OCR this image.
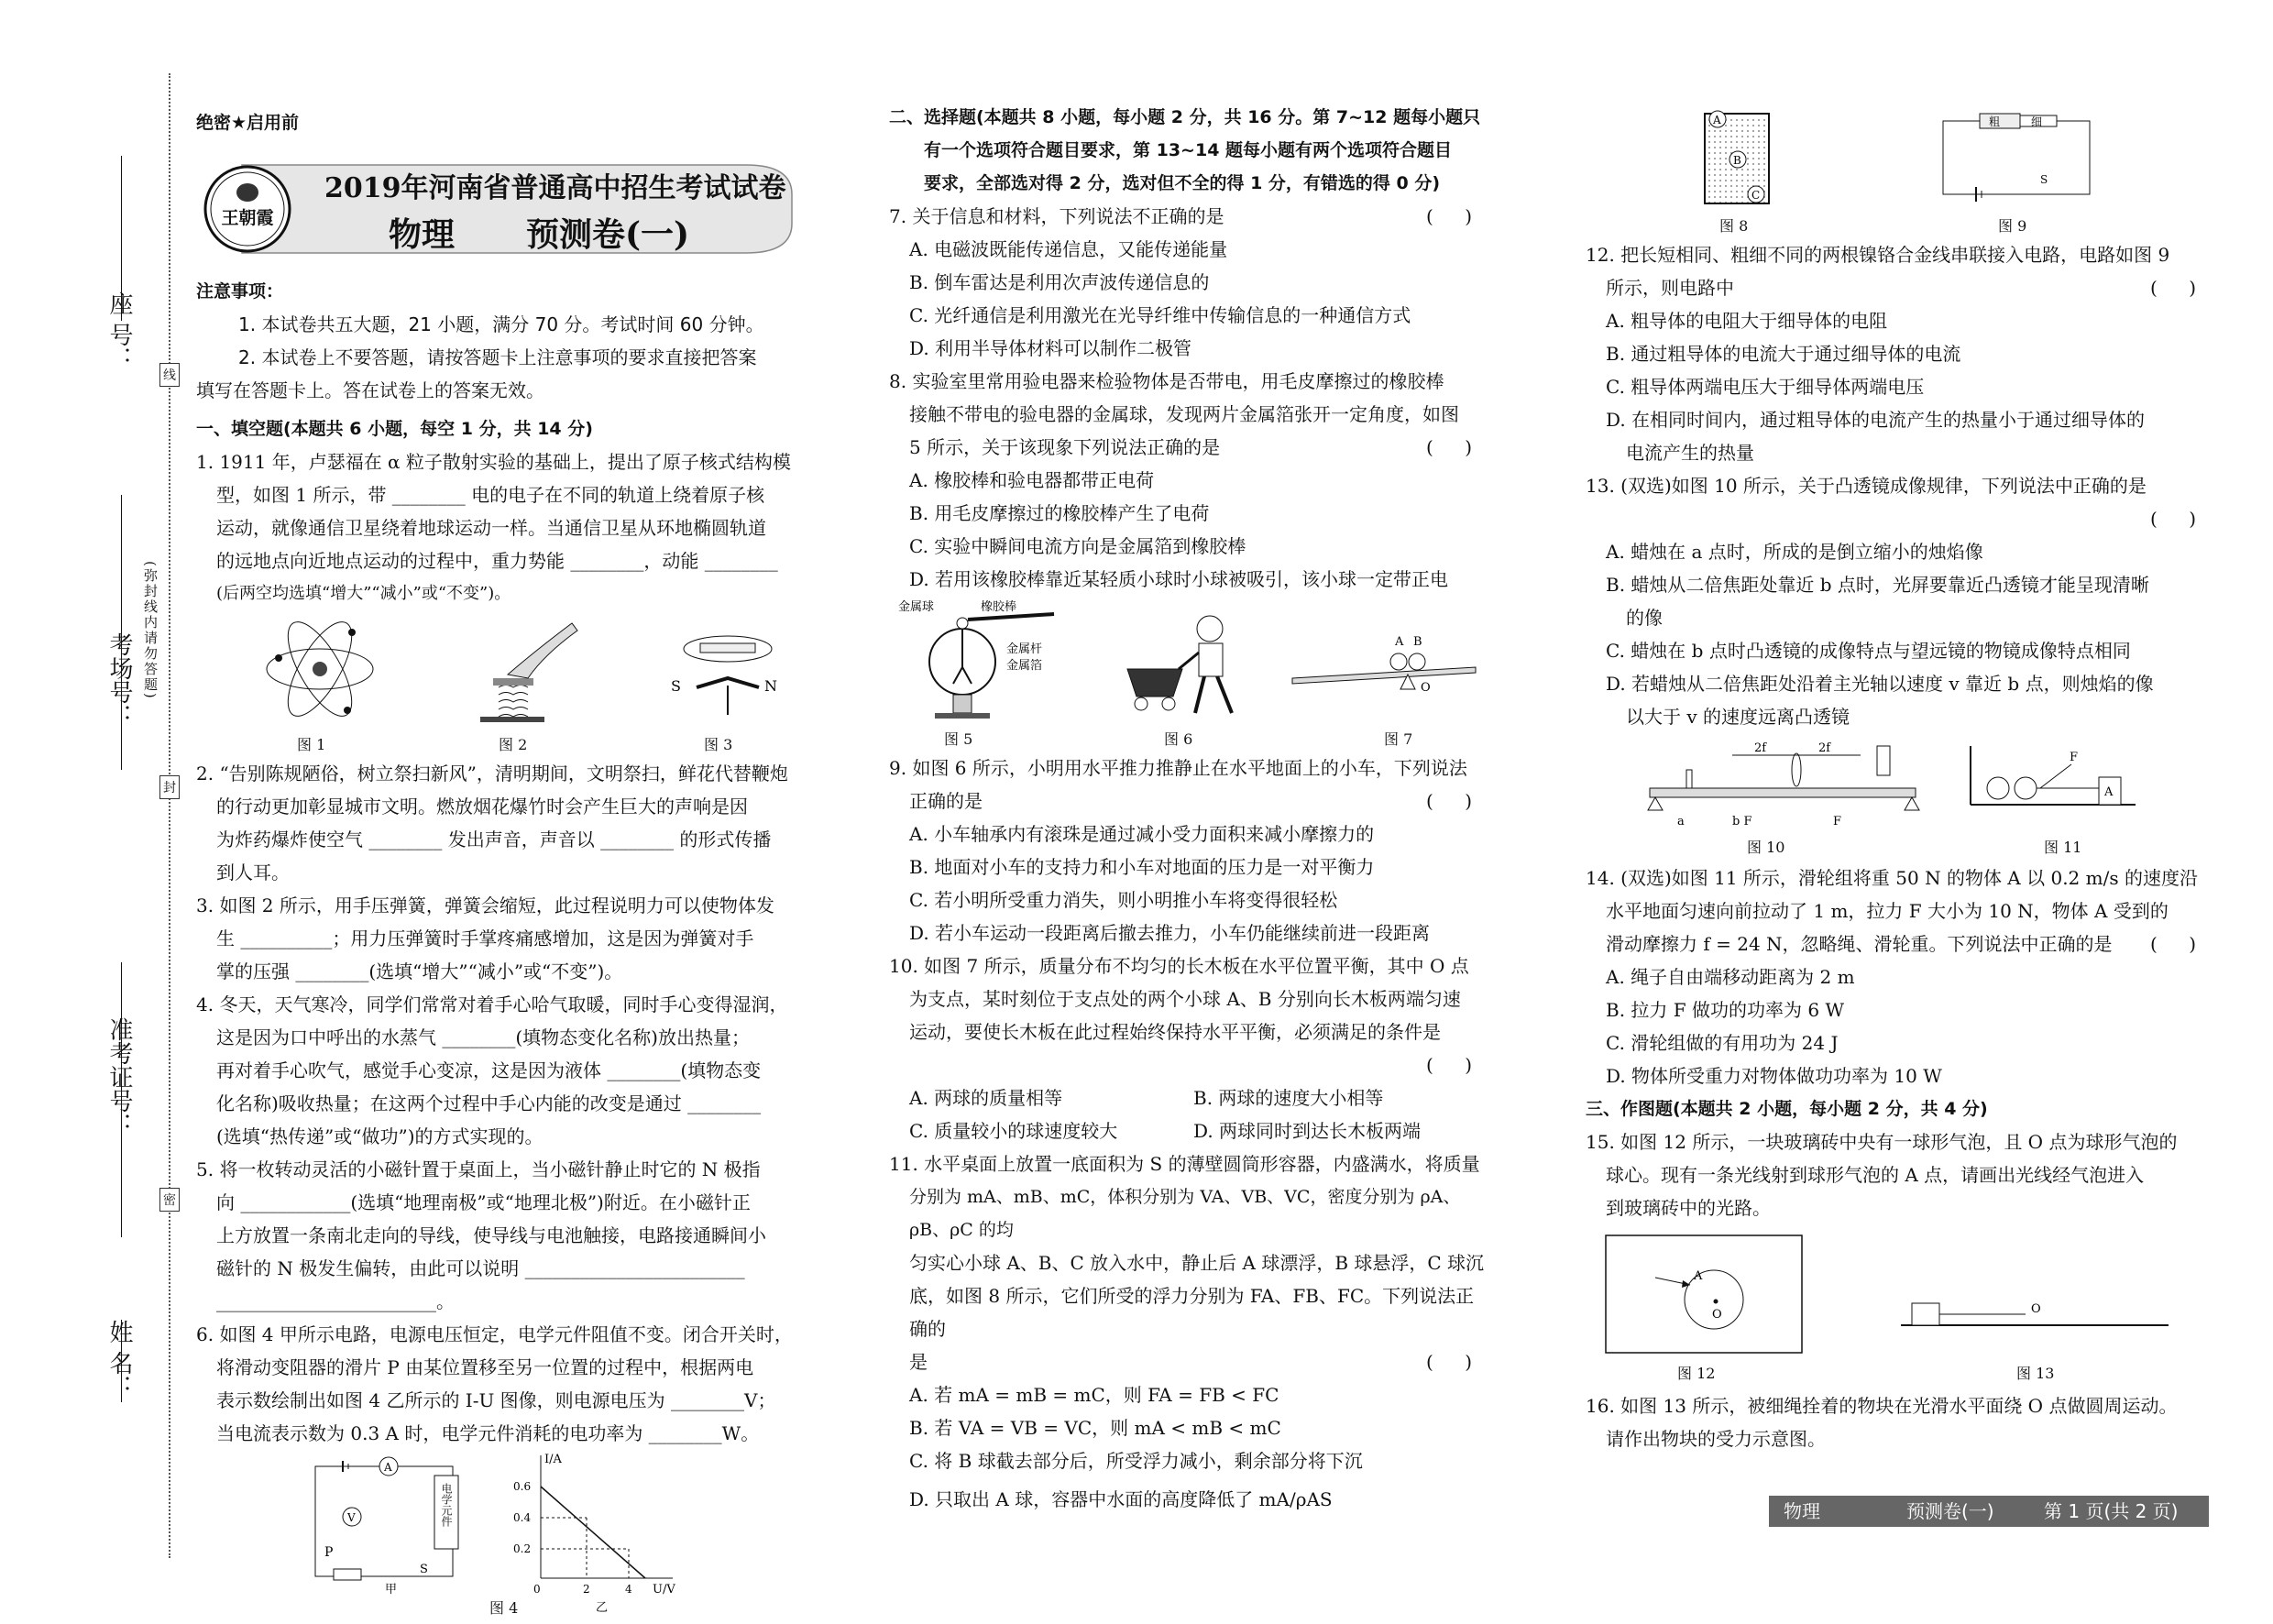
座 号：
考场号： (弥封线内请勿答题)
准考证号：
姓 名：
线
封
密
绝密★启用前
王朝霞
2019年河南省普通高中招生考试试卷
物理 预测卷(一)
注意事项：
1. 本试卷共五大题，21 小题，满分 70 分。考试时间 60 分钟。
2. 本试卷上不要答题，请按答题卡上注意事项的要求直接把答案
填写在答题卡上。答在试卷上的答案无效。
一、填空题(本题共 6 小题，每空 1 分，共 14 分)
1. 1911 年，卢瑟福在 α 粒子散射实验的基础上，提出了原子核式结构模
型，如图 1 所示，带 ________ 电的电子在不同的轨道上绕着原子核
运动，就像通信卫星绕着地球运动一样。当通信卫星从环地椭圆轨道
的远地点向近地点运动的过程中，重力势能 ________，动能 ________
(后两空均选填“增大”“减小”或“不变”)。
图 1	图 2
S	N
图 3
2. “告别陈规陋俗，树立祭扫新风”，清明期间，文明祭扫，鲜花代替鞭炮
的行动更加彰显城市文明。燃放烟花爆竹时会产生巨大的声响是因
为炸药爆炸使空气 ________ 发出声音，声音以 ________ 的形式传播
到人耳。
3. 如图 2 所示，用手压弹簧，弹簧会缩短，此过程说明力可以使物体发
生 __________；用力压弹簧时手掌疼痛感增加，这是因为弹簧对手
掌的压强 ________(选填“增大”“减小”或“不变”)。
4. 冬天，天气寒冷，同学们常常对着手心哈气取暖，同时手心变得湿润，
这是因为口中呼出的水蒸气 ________(填物态变化名称)放出热量；
再对着手心吹气，感觉手心变凉，这是因为液体 ________(填物态变
化名称)吸收热量；在这两个过程中手心内能的改变是通过 ________
(选填“热传递”或“做功”)的方式实现的。
5. 将一枚转动灵活的小磁针置于桌面上，当小磁针静止时它的 N 极指
向 ____________(选填“地理南极”或“地理北极”)附近。在小磁针正
上方放置一条南北走向的导线，使导线与电池触接，电路接通瞬间小
磁针的 N 极发生偏转，由此可以说明 ________________________
________________________。
6. 如图 4 甲所示电路，电源电压恒定，电学元件阻值不变。闭合开关时，
将滑动变阻器的滑片 P 由某位置移至另一位置的过程中，根据两电
表示数绘制出如图 4 乙所示的 I-U 图像，则电源电压为 ________V；
当电流表示数为 0.3 A 时，电学元件消耗的电功率为 ________W。
A
V
P
S
甲
电学元件
I/A
U/V
0.6
0.4
0.2
0	2	4
乙
图 4
二、选择题(本题共 8 小题，每小题 2 分，共 16 分。第 7~12 题每小题只
有一个选项符合题目要求，第 13~14 题每小题有两个选项符合题目
要求，全部选对得 2 分，选对但不全的得 1 分，有错选的得 0 分)
7. 关于信息和材料，下列说法不正确的是	( )
A. 电磁波既能传递信息，又能传递能量
B. 倒车雷达是利用次声波传递信息的
C. 光纤通信是利用激光在光导纤维中传输信息的一种通信方式
D. 利用半导体材料可以制作二极管
8. 实验室里常用验电器来检验物体是否带电，用毛皮摩擦过的橡胶棒
接触不带电的验电器的金属球，发现两片金属箔张开一定角度，如图
5 所示，关于该现象下列说法正确的是	( )
A. 橡胶棒和验电器都带正电荷
B. 用毛皮摩擦过的橡胶棒产生了电荷
C. 实验中瞬间电流方向是金属箔到橡胶棒
D. 若用该橡胶棒靠近某轻质小球时小球被吸引，该小球一定带正电
金属球	橡胶棒
金属杆
金属箔
图 5	图 6
A B
O
图 7
9. 如图 6 所示，小明用水平推力推静止在水平地面上的小车，下列说法
正确的是	( )
A. 小车轴承内有滚珠是通过减小受力面积来减小摩擦力的
B. 地面对小车的支持力和小车对地面的压力是一对平衡力
C. 若小明所受重力消失，则小明推小车将变得很轻松
D. 若小车运动一段距离后撤去推力，小车仍能继续前进一段距离
10. 如图 7 所示，质量分布不均匀的长木板在水平位置平衡，其中 O 点
为支点，某时刻位于支点处的两个小球 A、B 分别向长木板两端匀速
运动，要使长木板在此过程始终保持水平平衡，必须满足的条件是
( )
A. 两球的质量相等	B. 两球的速度大小相等
C. 质量较小的球速度较大	D. 两球同时到达长木板两端
11. 水平桌面上放置一底面积为 S 的薄壁圆筒形容器，内盛满水，将质量
分别为 mA、mB、mC，体积分别为 VA、VB、VC，密度分别为 ρA、ρB、ρC 的均
匀实心小球 A、B、C 放入水中，静止后 A 球漂浮，B 球悬浮，C 球沉
底，如图 8 所示，它们所受的浮力分别为 FA、FB、FC。下列说法正确的
是	( )
A. 若 mA = mB = mC，则 FA = FB < FC
B. 若 VA = VB = VC，则 mA < mB < mC
C. 将 B 球截去部分后，所受浮力减小，剩余部分将下沉
D. 只取出 A 球，容器中水面的高度降低了 mA/ρAS
A
B
C
图 8
粗	细
S
图 9
12. 把长短相同、粗细不同的两根镍铬合金线串联接入电路，电路如图 9
所示，则电路中	( )
A. 粗导体的电阻大于细导体的电阻
B. 通过粗导体的电流大于通过细导体的电流
C. 粗导体两端电压大于细导体两端电压
D. 在相同时间内，通过粗导体的电流产生的热量小于通过细导体的
电流产生的热量
13. (双选)如图 10 所示，关于凸透镜成像规律，下列说法中正确的是
( )
A. 蜡烛在 a 点时，所成的是倒立缩小的烛焰像
B. 蜡烛从二倍焦距处靠近 b 点时，光屏要靠近凸透镜才能呈现清晰
的像
C. 蜡烛在 b 点时凸透镜的成像特点与望远镜的物镜成像特点相同
D. 若蜡烛从二倍焦距处沿着主光轴以速度 v 靠近 b 点，则烛焰的像
以大于 v 的速度远离凸透镜
2f	2f
a	b F	F
图 10
F
A
图 11
14. (双选)如图 11 所示，滑轮组将重 50 N 的物体 A 以 0.2 m/s 的速度沿
水平地面匀速向前拉动了 1 m，拉力 F 大小为 10 N，物体 A 受到的
滑动摩擦力 f = 24 N，忽略绳、滑轮重。下列说法中正确的是 ( )
A. 绳子自由端移动距离为 2 m
B. 拉力 F 做功的功率为 6 W
C. 滑轮组做的有用功为 24 J
D. 物体所受重力对物体做功功率为 10 W
三、作图题(本题共 2 小题，每小题 2 分，共 4 分)
15. 如图 12 所示，一块玻璃砖中央有一球形气泡，且 O 点为球形气泡的
球心。现有一条光线射到球形气泡的 A 点，请画出光线经气泡进入
到玻璃砖中的光路。
A
O
图 12
O
图 13
16. 如图 13 所示，被细绳拴着的物块在光滑水平面绕 O 点做圆周运动。
请作出物块的受力示意图。
物理	预测卷(一)	第 1 页(共 2 页)
